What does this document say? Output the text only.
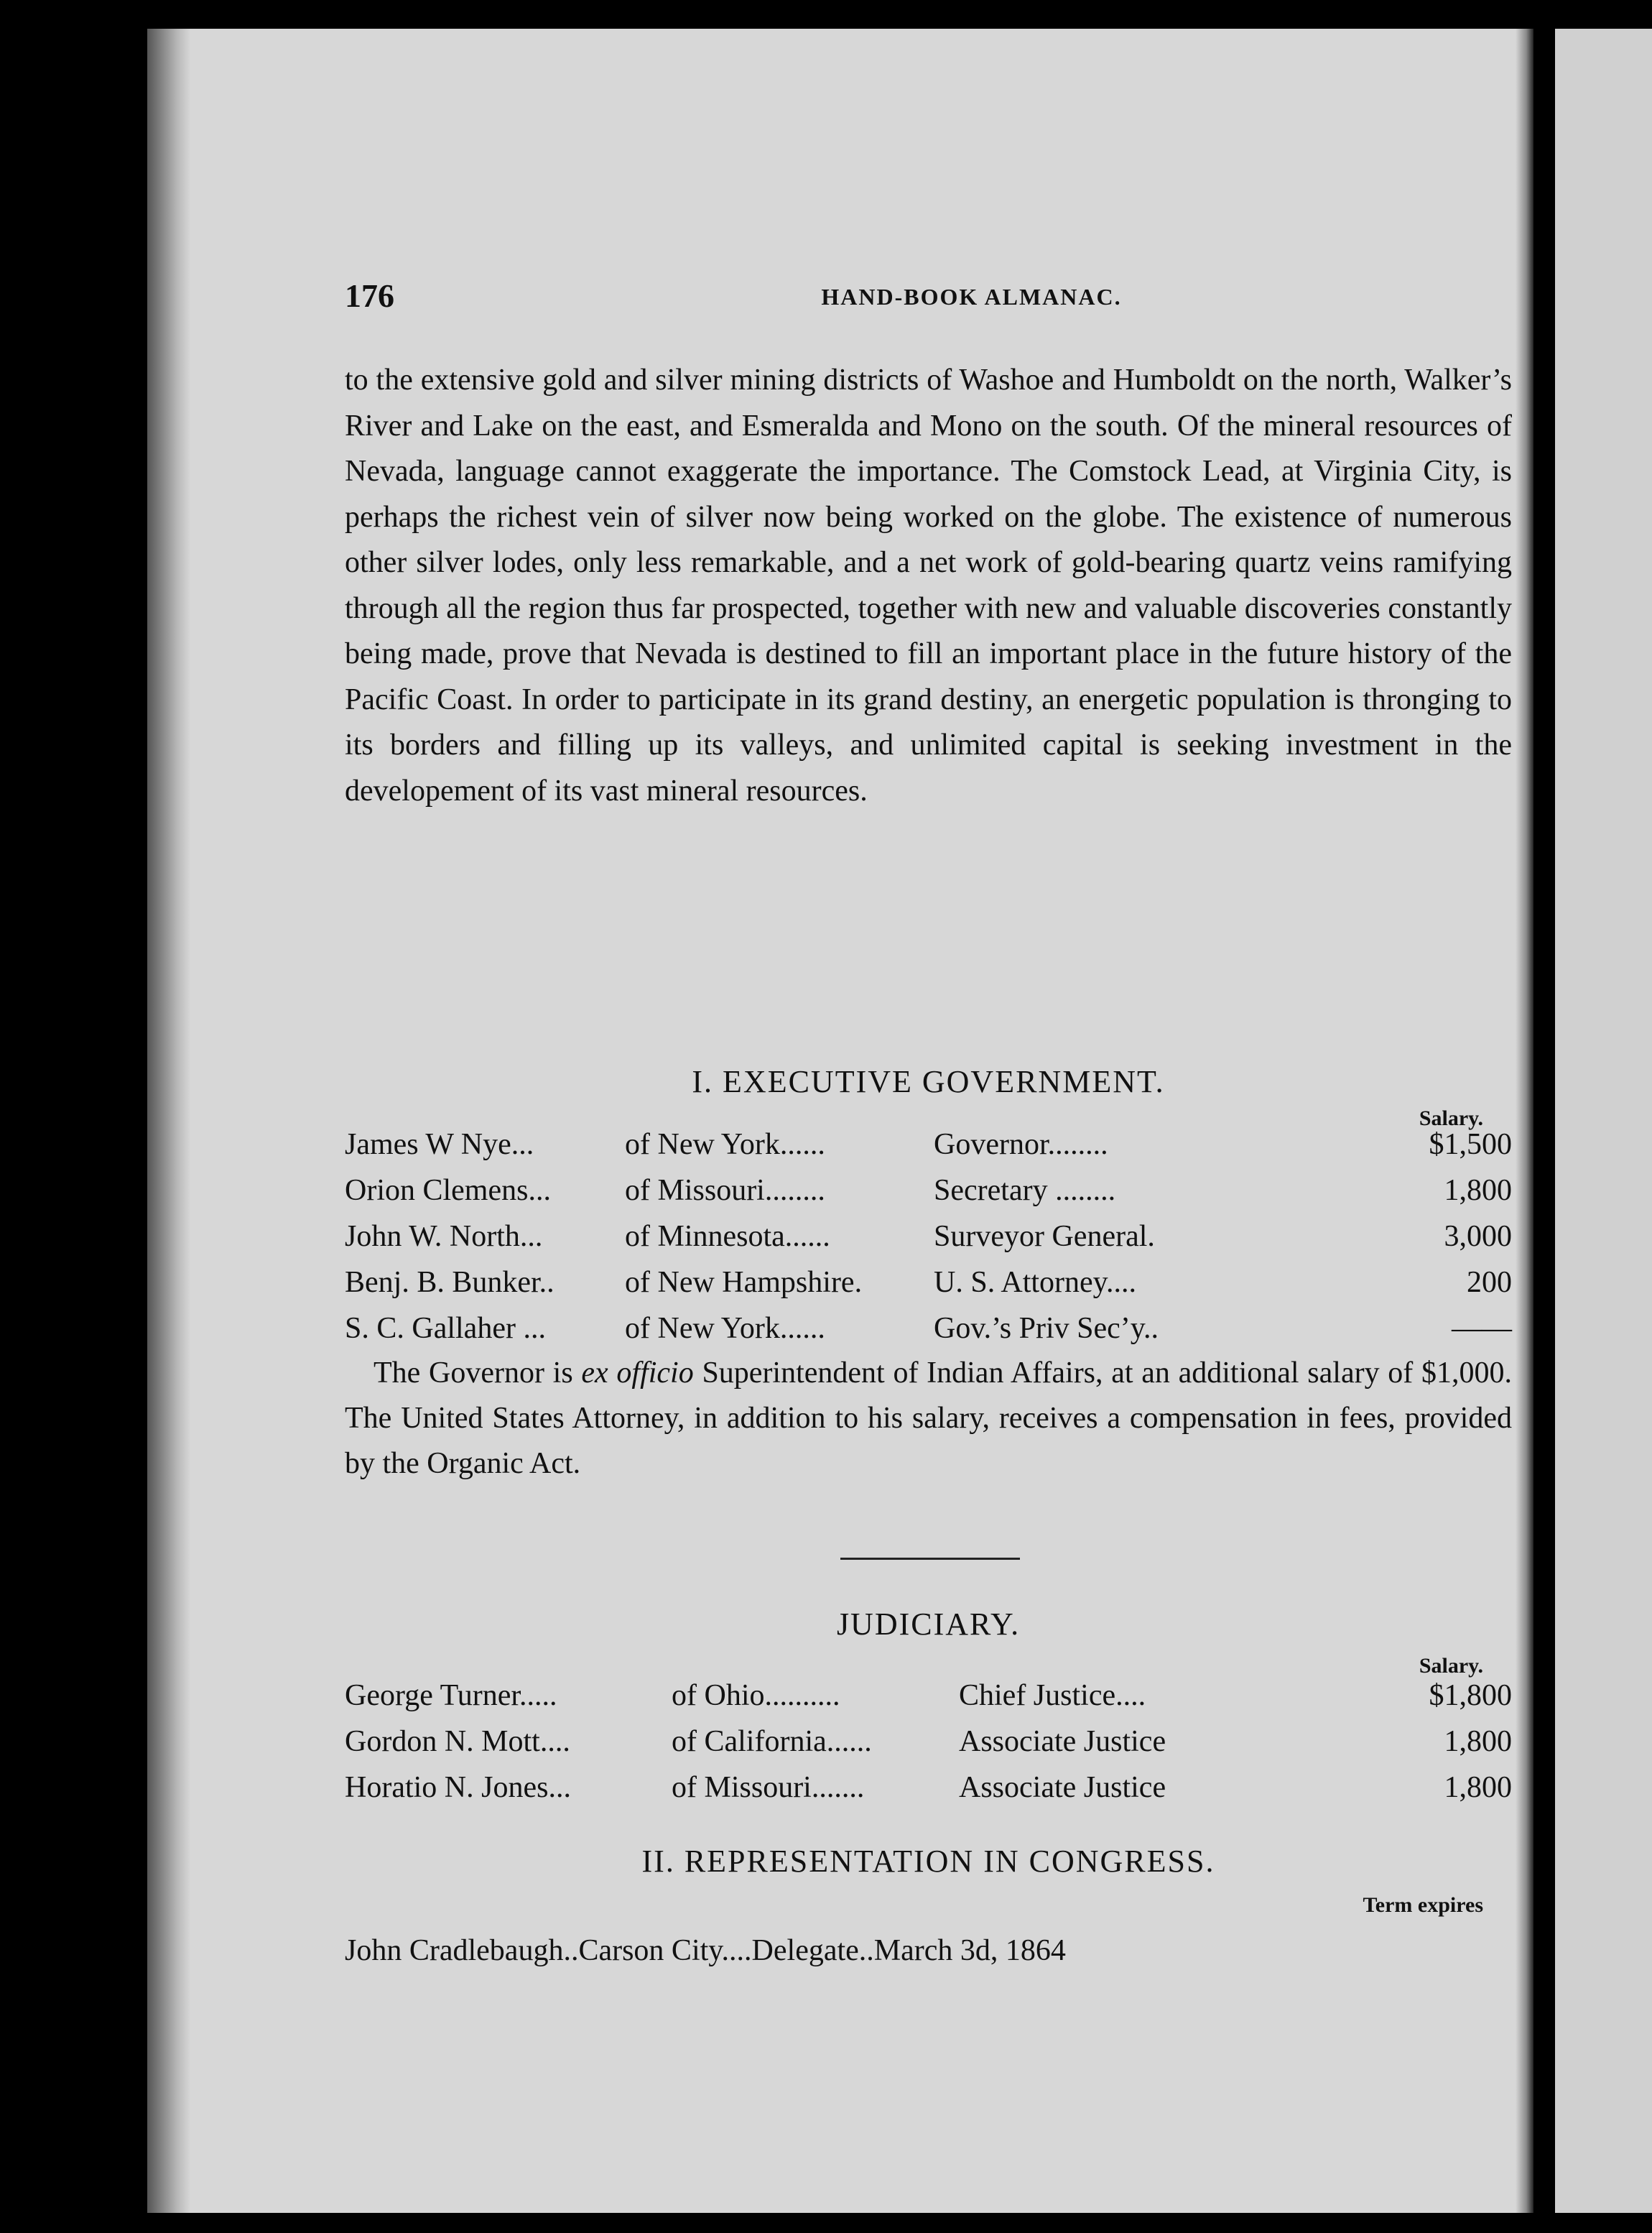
176	HAND-BOOK ALMANAC.

to the extensive gold and silver mining districts of Washoe and Humboldt on the north, Walker’s River and Lake on the east, and Esmeralda and Mono on the south. Of the mineral resources of Nevada, language cannot exaggerate the importance. The Comstock Lead, at Virginia City, is perhaps the richest vein of silver now being worked on the globe. The existence of numerous other silver lodes, only less remarkable, and a net work of gold-bearing quartz veins ramifying through all the region thus far prospected, together with new and valuable discoveries constantly being made, prove that Nevada is destined to fill an important place in the future history of the Pacific Coast. In order to participate in its grand destiny, an energetic population is thronging to its borders and filling up its valleys, and unlimited capital is seeking investment in the developement of its vast mineral resources.

I. EXECUTIVE GOVERNMENT.
Salary.
James W Nye...	of New York......	Governor........	$1,500
Orion Clemens...	of Missouri........	Secretary ........	1,800
John W. North...	of Minnesota......	Surveyor General.	3,000
Benj. B. Bunker..	of New Hampshire.	U. S. Attorney....	200
S. C. Gallaher ...	of New York......	Gov.’s Priv Sec’y..	——

The Governor is ex officio Superintendent of Indian Affairs, at an additional salary of $1,000. The United States Attorney, in addition to his salary, receives a compensation in fees, provided by the Organic Act.

JUDICIARY.
Salary.
George Turner.....	of Ohio..........	Chief Justice....	$1,800
Gordon N. Mott....	of California......	Associate Justice	1,800
Horatio N. Jones...	of Missouri.......	Associate Justice	1,800
II. REPRESENTATION IN CONGRESS.
Term expires
John Cradlebaugh..Carson City....Delegate..March 3d, 1864
